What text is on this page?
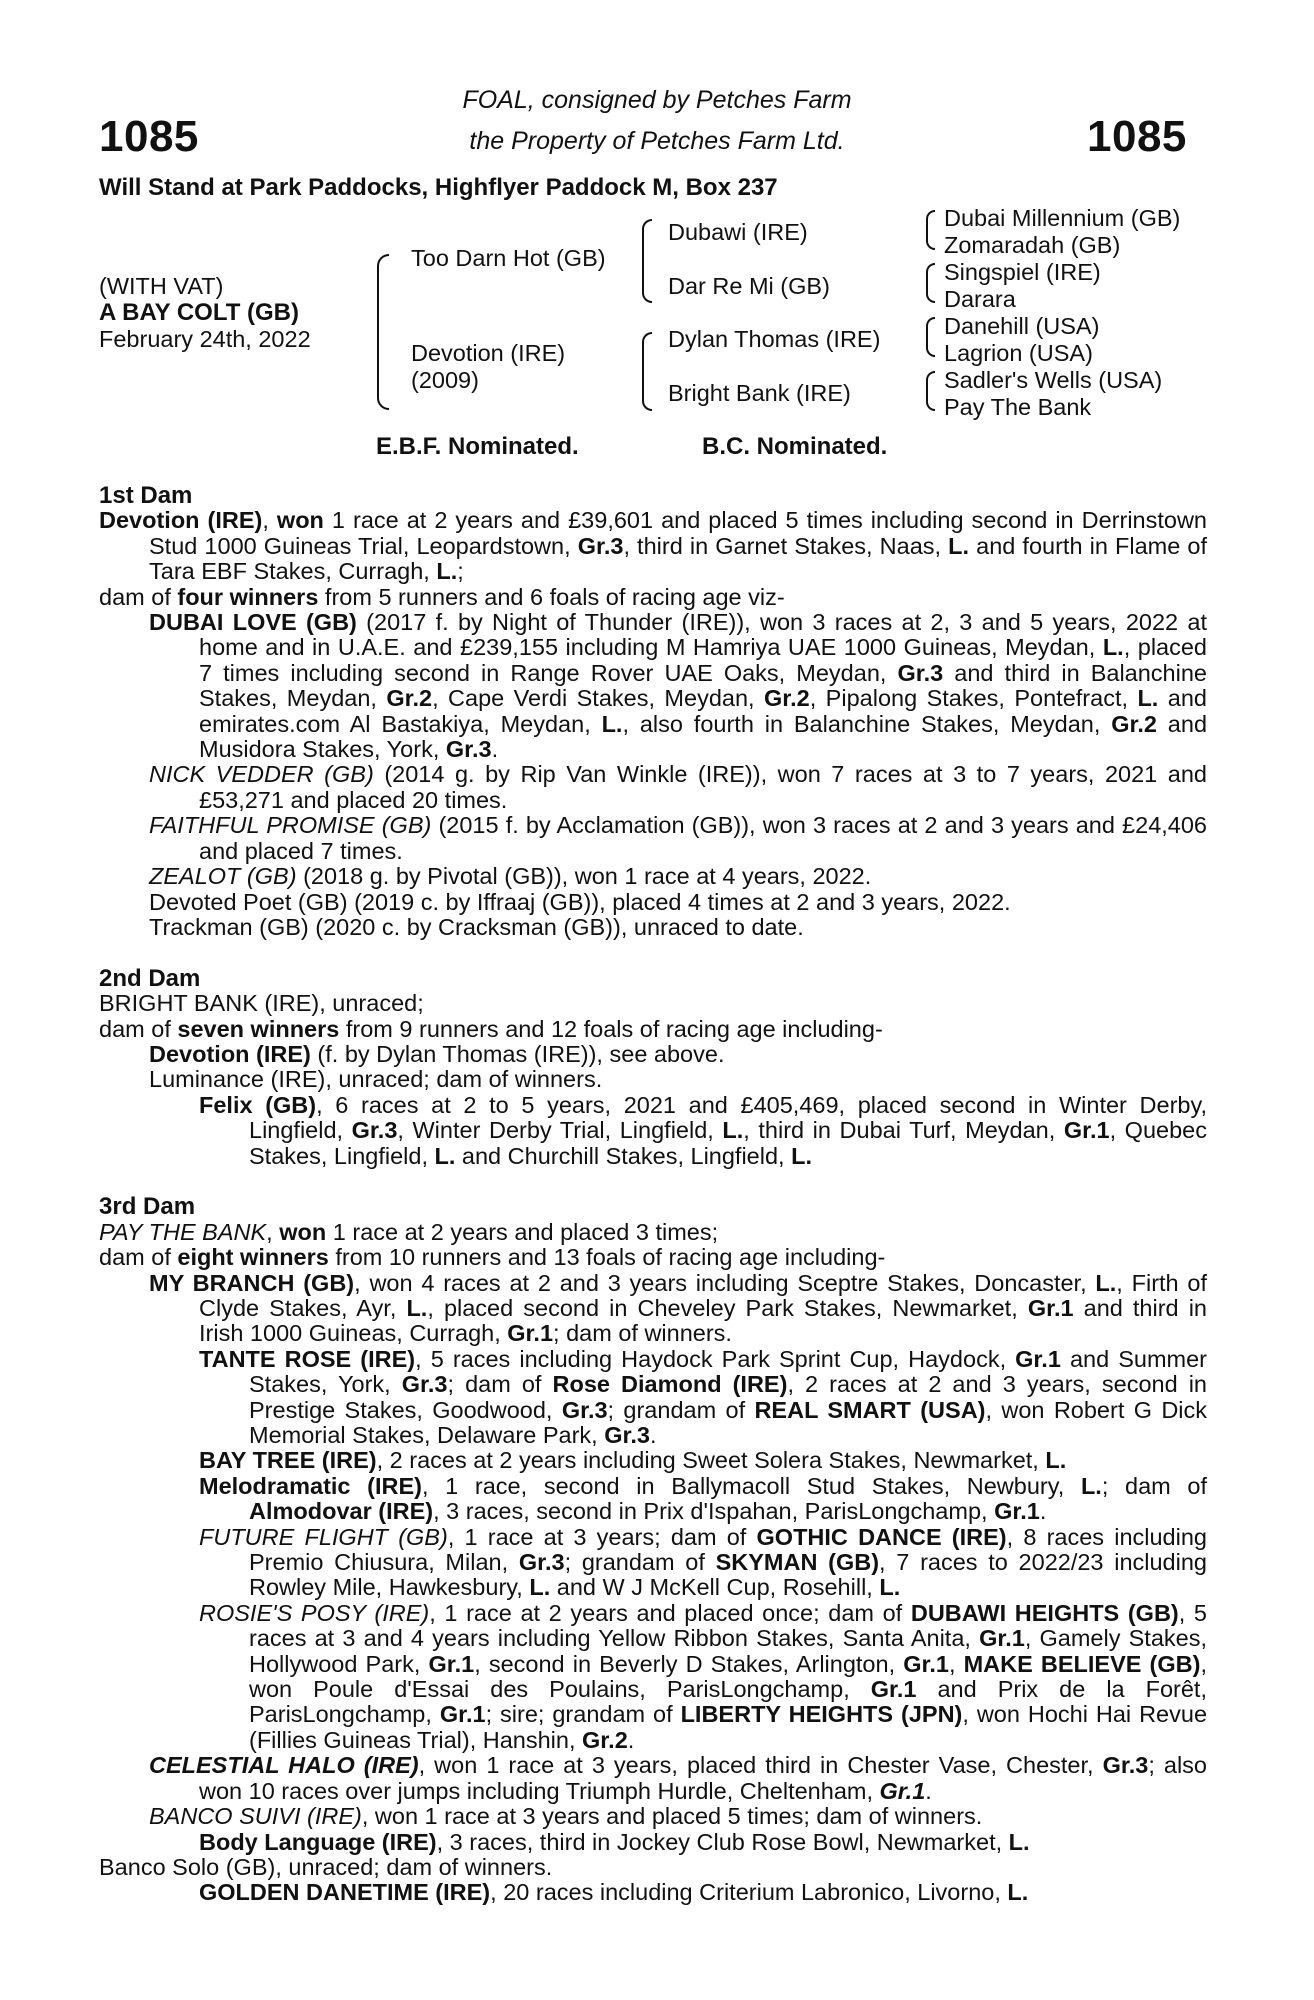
1085	1085
FOAL, consigned by Petches Farm
the Property of Petches Farm Ltd.
Will Stand at Park Paddocks, Highflyer Paddock M, Box 237
(WITH VAT)
A BAY COLT (GB)
February 24th, 2022
Too Darn Hot (GB)
Devotion (IRE)
(2009)
Dubawi (IRE)
Dar Re Mi (GB)
Dylan Thomas (IRE)
Bright Bank (IRE)
Dubai Millennium (GB)
Zomaradah (GB)
Singspiel (IRE)
Darara
Danehill (USA)
Lagrion (USA)
Sadler's Wells (USA)
Pay The Bank
E.B.F. Nominated.	B.C. Nominated.
1st Dam
Devotion (IRE), won 1 race at 2 years and £39,601 and placed 5 times including second in Derrinstown Stud 1000 Guineas Trial, Leopardstown, Gr.3, third in Garnet Stakes, Naas, L. and fourth in Flame of Tara EBF Stakes, Curragh, L.;
dam of four winners from 5 runners and 6 foals of racing age viz-
DUBAI LOVE (GB) (2017 f. by Night of Thunder (IRE)), won 3 races at 2, 3 and 5 years, 2022 at home and in U.A.E. and £239,155 including M Hamriya UAE 1000 Guineas, Meydan, L., placed 7 times including second in Range Rover UAE Oaks, Meydan, Gr.3 and third in Balanchine Stakes, Meydan, Gr.2, Cape Verdi Stakes, Meydan, Gr.2, Pipalong Stakes, Pontefract, L. and emirates.com Al Bastakiya, Meydan, L., also fourth in Balanchine Stakes, Meydan, Gr.2 and Musidora Stakes, York, Gr.3.
NICK VEDDER (GB) (2014 g. by Rip Van Winkle (IRE)), won 7 races at 3 to 7 years, 2021 and £53,271 and placed 20 times.
FAITHFUL PROMISE (GB) (2015 f. by Acclamation (GB)), won 3 races at 2 and 3 years and £24,406 and placed 7 times.
ZEALOT (GB) (2018 g. by Pivotal (GB)), won 1 race at 4 years, 2022.
Devoted Poet (GB) (2019 c. by Iffraaj (GB)), placed 4 times at 2 and 3 years, 2022.
Trackman (GB) (2020 c. by Cracksman (GB)), unraced to date.
2nd Dam
BRIGHT BANK (IRE), unraced;
dam of seven winners from 9 runners and 12 foals of racing age including-
Devotion (IRE) (f. by Dylan Thomas (IRE)), see above.
Luminance (IRE), unraced; dam of winners.
Felix (GB), 6 races at 2 to 5 years, 2021 and £405,469, placed second in Winter Derby, Lingfield, Gr.3, Winter Derby Trial, Lingfield, L., third in Dubai Turf, Meydan, Gr.1, Quebec Stakes, Lingfield, L. and Churchill Stakes, Lingfield, L.
3rd Dam
PAY THE BANK, won 1 race at 2 years and placed 3 times;
dam of eight winners from 10 runners and 13 foals of racing age including-
MY BRANCH (GB), won 4 races at 2 and 3 years including Sceptre Stakes, Doncaster, L., Firth of Clyde Stakes, Ayr, L., placed second in Cheveley Park Stakes, Newmarket, Gr.1 and third in Irish 1000 Guineas, Curragh, Gr.1; dam of winners.
TANTE ROSE (IRE), 5 races including Haydock Park Sprint Cup, Haydock, Gr.1 and Summer Stakes, York, Gr.3; dam of Rose Diamond (IRE), 2 races at 2 and 3 years, second in Prestige Stakes, Goodwood, Gr.3; grandam of REAL SMART (USA), won Robert G Dick Memorial Stakes, Delaware Park, Gr.3.
BAY TREE (IRE), 2 races at 2 years including Sweet Solera Stakes, Newmarket, L.
Melodramatic (IRE), 1 race, second in Ballymacoll Stud Stakes, Newbury, L.; dam of Almodovar (IRE), 3 races, second in Prix d'Ispahan, ParisLongchamp, Gr.1.
FUTURE FLIGHT (GB), 1 race at 3 years; dam of GOTHIC DANCE (IRE), 8 races including Premio Chiusura, Milan, Gr.3; grandam of SKYMAN (GB), 7 races to 2022/23 including Rowley Mile, Hawkesbury, L. and W J McKell Cup, Rosehill, L.
ROSIE'S POSY (IRE), 1 race at 2 years and placed once; dam of DUBAWI HEIGHTS (GB), 5 races at 3 and 4 years including Yellow Ribbon Stakes, Santa Anita, Gr.1, Gamely Stakes, Hollywood Park, Gr.1, second in Beverly D Stakes, Arlington, Gr.1, MAKE BELIEVE (GB), won Poule d'Essai des Poulains, ParisLongchamp, Gr.1 and Prix de la Forêt, ParisLongchamp, Gr.1; sire; grandam of LIBERTY HEIGHTS (JPN), won Hochi Hai Revue (Fillies Guineas Trial), Hanshin, Gr.2.
CELESTIAL HALO (IRE), won 1 race at 3 years, placed third in Chester Vase, Chester, Gr.3; also won 10 races over jumps including Triumph Hurdle, Cheltenham, Gr.1.
BANCO SUIVI (IRE), won 1 race at 3 years and placed 5 times; dam of winners.
Body Language (IRE), 3 races, third in Jockey Club Rose Bowl, Newmarket, L.
Banco Solo (GB), unraced; dam of winners.
GOLDEN DANETIME (IRE), 20 races including Criterium Labronico, Livorno, L.
